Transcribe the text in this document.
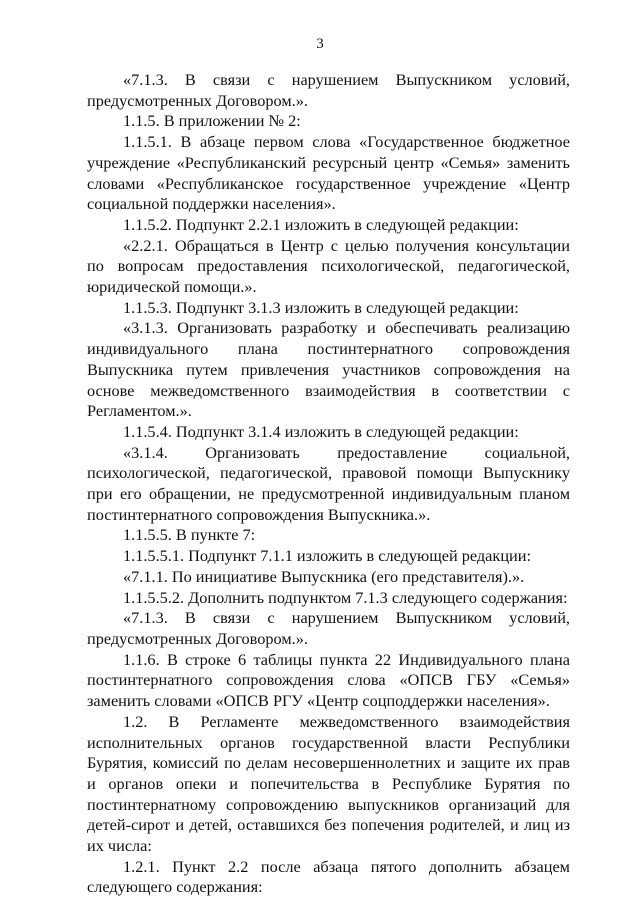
3

«7.1.3. В связи с нарушением Выпускником условий, предусмотренных Договором.».

1.1.5. В приложении № 2:

1.1.5.1. В абзаце первом слова «Государственное бюджетное учреждение «Республиканский ресурсный центр «Семья» заменить словами «Республиканское государственное учреждение «Центр социальной поддержки населения».

1.1.5.2. Подпункт 2.2.1 изложить в следующей редакции:

«2.2.1. Обращаться в Центр с целью получения консультации по вопросам предоставления психологической, педагогической, юридической помощи.».

1.1.5.3. Подпункт 3.1.3 изложить в следующей редакции:

«3.1.3. Организовать разработку и обеспечивать реализацию индивидуального плана постинтернатного сопровождения Выпускника путем привлечения участников сопровождения на основе межведомственного взаимодействия в соответствии с Регламентом.».

1.1.5.4. Подпункт 3.1.4 изложить в следующей редакции:

«3.1.4. Организовать предоставление социальной, психологической, педагогической, правовой помощи Выпускнику при его обращении, не предусмотренной индивидуальным планом постинтернатного сопровождения Выпускника.».

1.1.5.5. В пункте 7:

1.1.5.5.1. Подпункт 7.1.1 изложить в следующей редакции:

«7.1.1. По инициативе Выпускника (его представителя).».

1.1.5.5.2. Дополнить подпунктом 7.1.3 следующего содержания:

«7.1.3. В связи с нарушением Выпускником условий, предусмотренных Договором.».

1.1.6. В строке 6 таблицы пункта 22 Индивидуального плана постинтернатного сопровождения слова «ОПСВ ГБУ «Семья» заменить словами «ОПСВ РГУ «Центр соцподдержки населения».

1.2. В Регламенте межведомственного взаимодействия исполнительных органов государственной власти Республики Бурятия, комиссий по делам несовершеннолетних и защите их прав и органов опеки и попечительства в Республике Бурятия по постинтернатному сопровождению выпускников организаций для детей-сирот и детей, оставшихся без попечения родителей, и лиц из их числа:

1.2.1. Пункт 2.2 после абзаца пятого дополнить абзацем следующего содержания:
